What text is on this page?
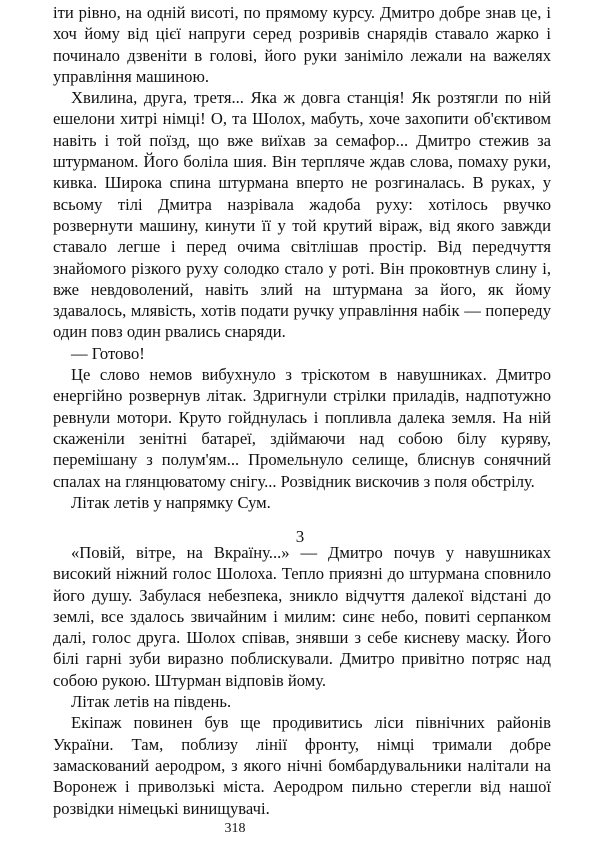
іти рівно, на одній висоті, по прямому курсу. Дмитро добре знав це, і хоч йому від цієї напруги серед розривів снарядів ставало жарко і починало дзвеніти в голові, його руки заніміло лежали на важелях управління машиною.

Хвилина, друга, третя... Яка ж довга станція! Як розтягли по ній ешелони хитрі німці! О, та Шолох, мабуть, хоче захопити об'єктивом навіть і той поїзд, що вже виїхав за семафор... Дмитро стежив за штурманом. Його боліла шия. Він терпляче ждав слова, помаху руки, кивка. Широка спина штурмана вперто не розгиналась. В руках, у всьому тілі Дмитра назрівала жадоба руху: хотілось рвучко розвернути машину, кинути її у той крутий віраж, від якого завжди ставало легше і перед очима світлішав простір. Від передчуття знайомого різкого руху солодко стало у роті. Він проковтнув слину і, вже невдоволений, навіть злий на штурмана за його, як йому здавалось, млявість, хотів подати ручку управління набік — попереду один повз один рвались снаряди.

— Готово!

Це слово немов вибухнуло з тріскотом в навушниках. Дмитро енергійно розвернув літак. Здригнули стрілки приладів, надпотужно ревнули мотори. Круто гойднулась і попливла далека земля. На ній скаженіли зенітні батареї, здіймаючи над собою білу куряву, перемішану з полум'ям... Промельнуло селище, блиснув сонячний спалах на глянцюватому снігу... Розвідник вискочив з поля обстрілу.

Літак летів у напрямку Сум.

3

«Повій, вітре, на Вкраїну...» — Дмитро почув у навушниках високий ніжний голос Шолоха. Тепло приязні до штурмана сповнило його душу. Забулася небезпека, зникло відчуття далекої відстані до землі, все здалось звичайним і милим: синє небо, повиті серпанком далі, голос друга. Шолох співав, знявши з себе кисневу маску. Його білі гарні зуби виразно поблискували. Дмитро привітно потряс над собою рукою. Штурман відповів йому.

Літак летів на південь.

Екіпаж повинен був ще продивитись ліси північних районів України. Там, поблизу лінії фронту, німці тримали добре замаскований аеродром, з якого нічні бомбардувальники налітали на Воронеж і приволзькі міста. Аеродром пильно стерегли від нашої розвідки німецькі винищувачі.

318
